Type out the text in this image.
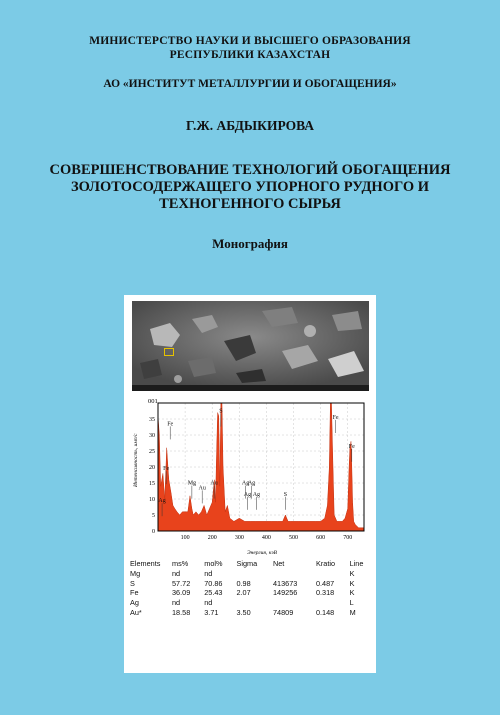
МИНИСТЕРСТВО НАУКИ И ВЫСШЕГО ОБРАЗОВАНИЯ
РЕСПУБЛИКИ КАЗАХСТАН
АО «ИНСТИТУТ МЕТАЛЛУРГИИ И ОБОГАЩЕНИЯ»
Г.Ж. АБДЫКИРОВА
СОВЕРШЕНСТВОВАНИЕ ТЕХНОЛОГИЙ ОБОГАЩЕНИЯ
ЗОЛОТОСОДЕРЖАЩЕГО УПОРНОГО РУДНОГО И
ТЕХНОГЕННОГО СЫРЬЯ
Монография
001
Интенсивность, имп/с
Энергия, кэВ
0
5
10
15
20
25
30
35
100	200	300	400	500	600	700
Fe
Fe
Ag
Mg
Au
Au
S
Ag
Ag
Ag Ag	S
Fe
Fe
Elements	ms%	mol%	Sigma	Net	Kratio	Line
Mg	nd	nd				K
S	57.72	70.86	0.98	413673	0.487	K
Fe	36.09	25.43	2.07	149256	0.318	K
Ag	nd	nd				L
Au*	18.58	3.71	3.50	74809	0.148	M
